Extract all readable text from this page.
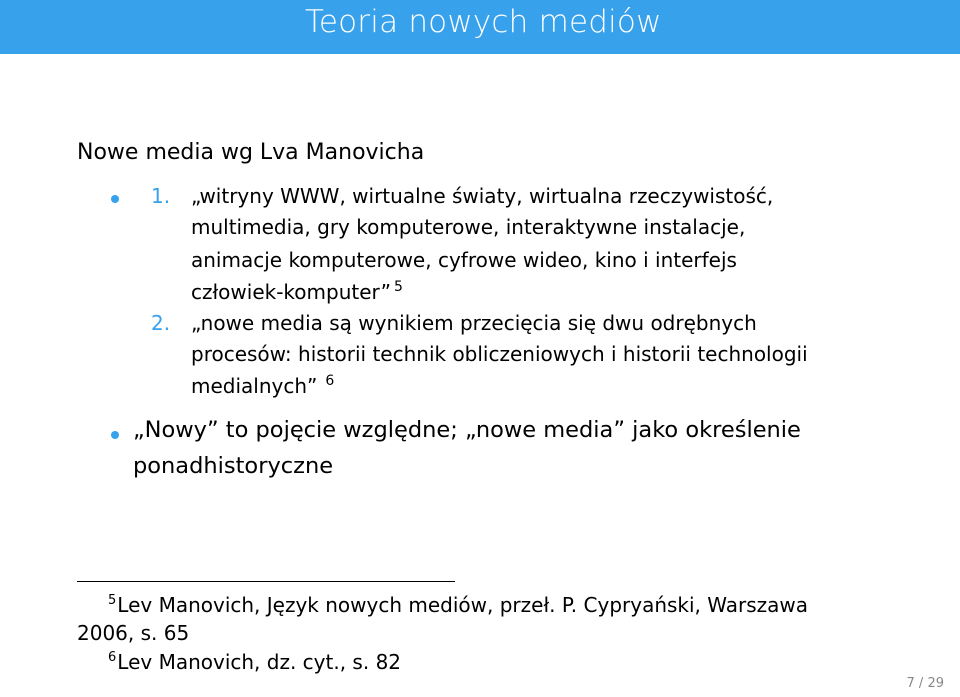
Teoria nowych mediów
Nowe media wg Lva Manovicha
1. „witryny WWW, wirtualne światy, wirtualna rzeczywistość,
multimedia, gry komputerowe, interaktywne instalacje,
animacje komputerowe, cyfrowe wideo, kino i interfejs
człowiek-komputer” $^5$
2. „nowe media są wynikiem przecięcia się dwu odrębnych
procesów: historii technik obliczeniowych i historii technologii
medialnych” $^6$
„Nowy” to pojęcie względne; „nowe media” jako określenie
ponadhistoryczne
$^5$Lev Manovich, Język nowych mediów, przeł. P. Cypryański, Warszawa
2006, s. 65
$^6$Lev Manovich, dz. cyt., s. 82
7 / 29
